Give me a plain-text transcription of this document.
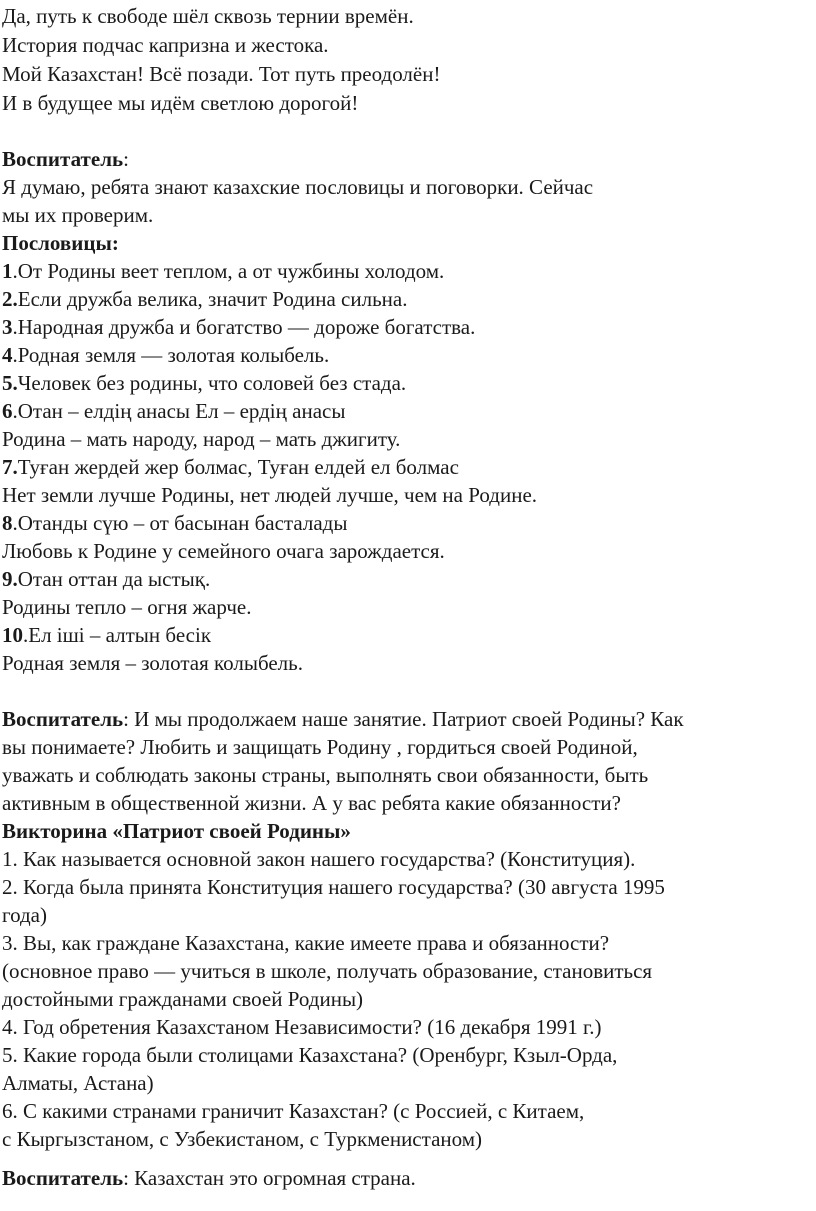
Да, путь к свободе шёл сквозь тернии времён.

История подчас капризна и жестока.

Мой Казахстан! Всё позади. Тот путь преодолён!

И в будущее мы идём светлою дорогой!

Воспитатель:

Я думаю, ребята знают казахские пословицы и поговорки. Сейчас

мы их проверим.

Пословицы:

1.От Родины веет теплом, а от чужбины холодом.

2.Если дружба велика, значит Родина сильна.

3.Народная дружба и богатство — дороже богатства.

4.Родная земля — золотая колыбель.

5.Человек без родины, что соловей без стада.

6.Отан – елдің анасы Ел – ердің анасы

Родина – мать народу, народ – мать джигиту.

7.Туған жердей жер болмас, Туған елдей ел болмас

Нет земли лучше Родины, нет людей лучше, чем на Родине.

8.Отанды сүю – от басынан басталады

Любовь к Родине у семейного очага зарождается.

9.Отан оттан да ыстық.

Родины тепло – огня жарче.

10.Ел іші – алтын бесік

Родная земля – золотая колыбель.

Воспитатель: И мы продолжаем наше занятие. Патриот своей Родины? Как

вы понимаете? Любить и защищать Родину , гордиться своей Родиной,

уважать и соблюдать законы страны, выполнять свои обязанности, быть

активным в общественной жизни. А у вас ребята какие обязанности?

Викторина «Патриот своей Родины»

1. Как называется основной закон нашего государства? (Конституция).

2. Когда была принята Конституция нашего государства? (30 августа 1995

года)

3. Вы, как граждане Казахстана, какие имеете права и обязанности?

(основное право — учиться в школе, получать образование, становиться

достойными гражданами своей Родины)

4. Год обретения Казахстаном Независимости? (16 декабря 1991 г.)

5. Какие города были столицами Казахстана? (Оренбург, Кзыл-Орда,

Алматы, Астана)

6. С какими странами граничит Казахстан? (с Россией, с Китаем,

с Кыргызстаном, с Узбекистаном, с Туркменистаном)

Воспитатель: Казахстан это огромная страна.
